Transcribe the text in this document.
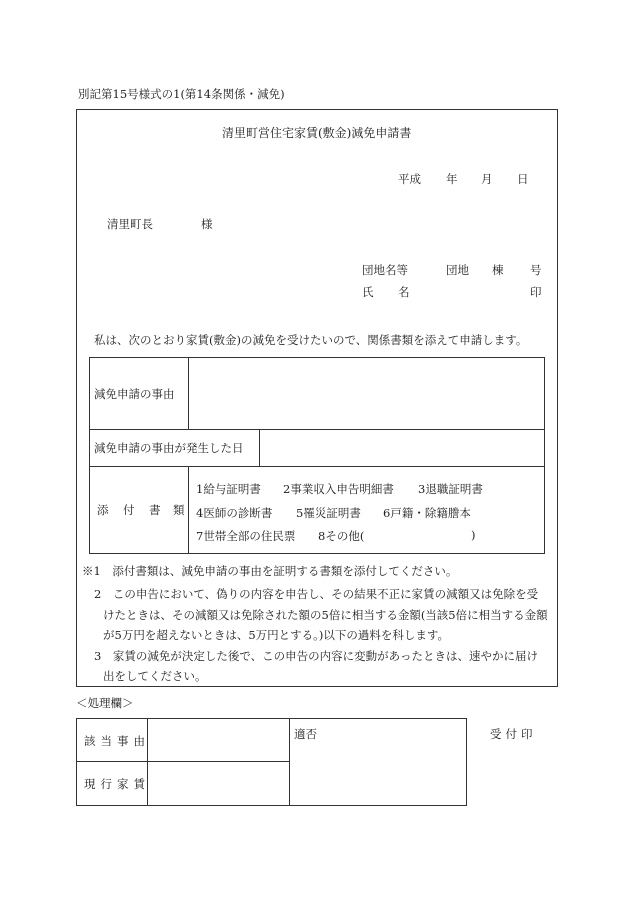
別記第15号様式の1(第14条関係・減免)
清里町営住宅家賃(敷金)減免申請書
平成 年 月 日
清里町長	様
団地名等	団地 棟 号
氏 名	印
私は、次のとおり家賃(敷金)の減免を受けたいので、関係書類を添えて申請します。
減免申請の事由
減免申請の事由が発生した日
添 付 書 類
1給与証明書 2事業収入申告明細書 3退職証明書
4医師の診断書 5罹災証明書 6戸籍・除籍謄本
7世帯全部の住民票 8その他(	)
※1　添付書類は、減免申請の事由を証明する書類を添付してください。
2　この申告において、偽りの内容を申告し、その結果不正に家賃の減額又は免除を受
けたときは、その減額又は免除された額の5倍に相当する金額(当該5倍に相当する金額
が5万円を超えないときは、5万円とする。)以下の過料を科します。
3　家賃の減免が決定した後で、この申告の内容に変動があったときは、速やかに届け
出をしてください。
＜処理欄＞
該当事由
現行家賃
適否	受付印
